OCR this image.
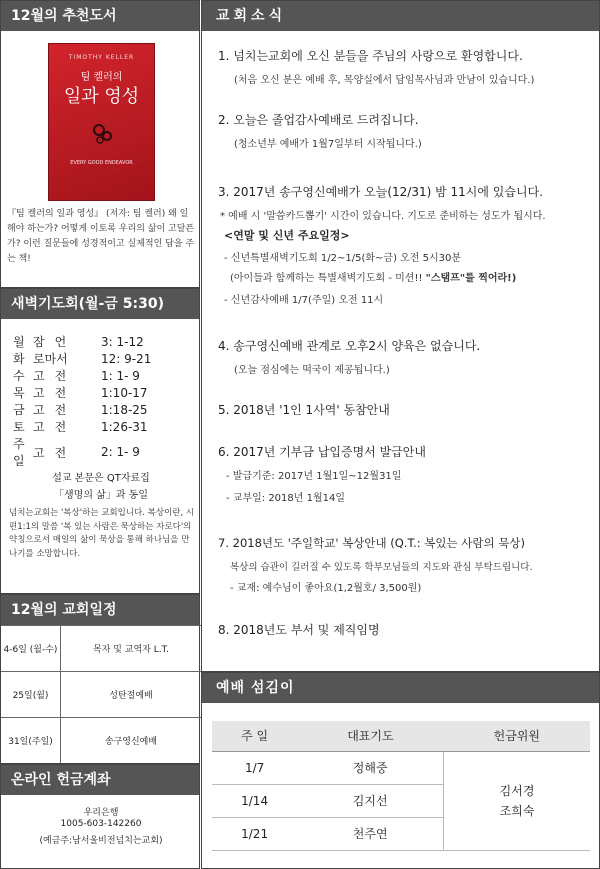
12월의 추천도서
TIMOTHY KELLER
팀 켈러의
일과 영성
EVERY GOOD ENDEAVOR
『팀 켈러의 일과 영성』 (저자: 팀 켈러) 왜 일해야 하는가? 어떻게 이토록 우리의 삶이 고달픈가? 이런 질문들에 성경적이고 실제적인 답을 주는 책!
새벽기도회(월-금 5:30)
월	잠언	3: 1-12
화	로마서	12: 9-21
수	고전	1: 1- 9
목	고전	1:10-17
금	고전	1:18-25
토	고전	1:26-31
주일	고전	2: 1- 9
설교 본문은 QT자료집
「생명의 삶」과 동일
넘치는교회는 '복상'하는 교회입니다. 복상이란, 시편1:1의 말씀 '복 있는 사람은 묵상하는 자로다'의 약칭으로서 매일의 삶이 묵상을 통해 하나님을 만나기를 소망합니다.
12월의 교회일정
4-6일 (월-수)	목자 및 교역자 L.T.
25일(월)	성탄절예배
31일(주일)	송구영신예배
온라인 헌금계좌
우리은행
1005-603-142260
(예금주:남서울비전넘치는교회)
교회소식
1. 넘치는교회에 오신 분들을 주님의 사랑으로 환영합니다.
(처음 오신 분은 예배 후, 목양실에서 담임목사님과 만남이 있습니다.)
2. 오늘은 졸업감사예배로 드려집니다.
(청소년부 예배가 1월7일부터 시작됩니다.)
3. 2017년 송구영신예배가 오늘(12/31) 밤 11시에 있습니다.
* 예배 시 '말씀카드뽑기' 시간이 있습니다. 기도로 준비하는 성도가 됩시다.
<연말 및 신년 주요일정>
- 신년특별새벽기도회 1/2~1/5(화~금) 오전 5시30분
(아이들과 함께하는 특별새벽기도회 - 미션!! "스탬프"를 찍어라!)
- 신년감사예배 1/7(주일) 오전 11시
4. 송구영신예배 관계로 오후2시 양육은 없습니다.
(오늘 점심에는 떡국이 제공됩니다.)
5. 2018년 '1인 1사역' 동참안내
6. 2017년 기부금 납입증명서 발급안내
- 발급기준: 2017년 1월1일~12월31일
- 교부일: 2018년 1월14일
7. 2018년도 '주일학교' 복상안내 (Q.T.: 복있는 사람의 묵상)
복상의 습관이 길러질 수 있도록 학부모님들의 지도와 관심 부탁드립니다.
- 교재: 예수님이 좋아요(1,2월호/ 3,500원)
8. 2018년도 부서 및 제직임명
예배 섬김이
주 일	대표기도	헌금위원
1/7	정해중	김서경
조희숙

1/14	김지선	
1/21	천주연	
